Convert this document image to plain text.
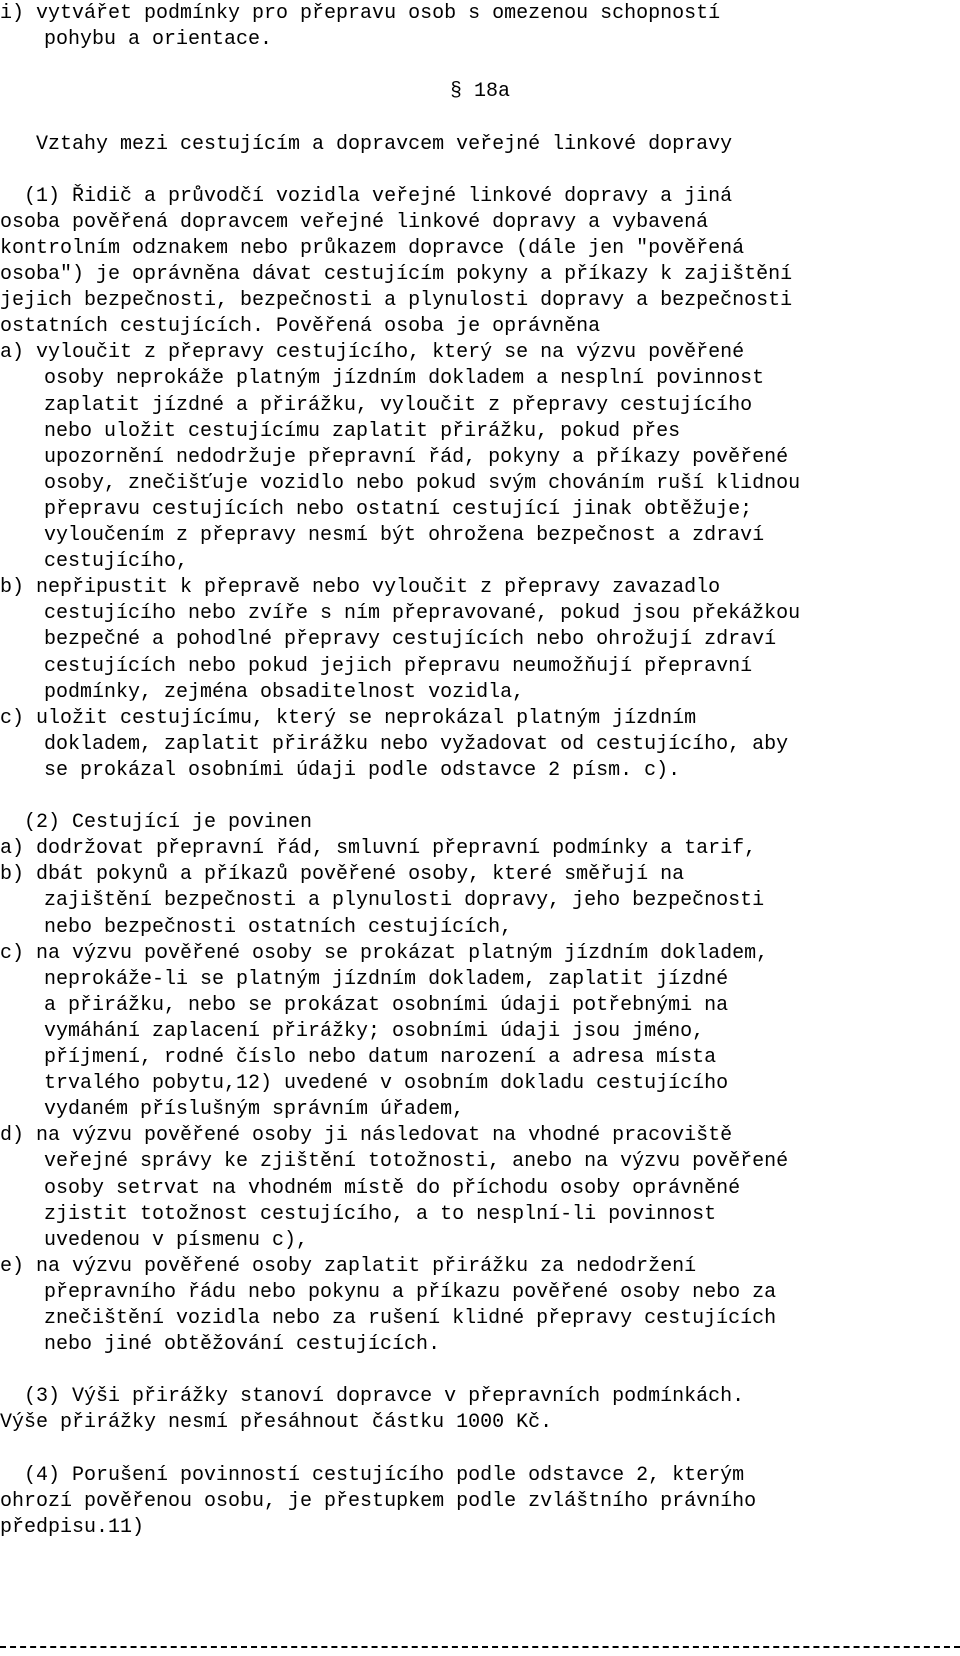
i) vytvářet podmínky pro přepravu osob s omezenou schopností
pohybu a orientace.
§ 18a
Vztahy mezi cestujícím a dopravcem veřejné linkové dopravy
(1) Řidič a průvodčí vozidla veřejné linkové dopravy a jiná
osoba pověřená dopravcem veřejné linkové dopravy a vybavená
kontrolním odznakem nebo průkazem dopravce (dále jen "pověřená
osoba") je oprávněna dávat cestujícím pokyny a příkazy k zajištění
jejich bezpečnosti, bezpečnosti a plynulosti dopravy a bezpečnosti
ostatních cestujících. Pověřená osoba je oprávněna
a) vyloučit z přepravy cestujícího, který se na výzvu pověřené
osoby neprokáže platným jízdním dokladem a nesplní povinnost
zaplatit jízdné a přirážku, vyloučit z přepravy cestujícího
nebo uložit cestujícímu zaplatit přirážku, pokud přes
upozornění nedodržuje přepravní řád, pokyny a příkazy pověřené
osoby, znečišťuje vozidlo nebo pokud svým chováním ruší klidnou
přepravu cestujících nebo ostatní cestující jinak obtěžuje;
vyloučením z přepravy nesmí být ohrožena bezpečnost a zdraví
cestujícího,
b) nepřipustit k přepravě nebo vyloučit z přepravy zavazadlo
cestujícího nebo zvíře s ním přepravované, pokud jsou překážkou
bezpečné a pohodlné přepravy cestujících nebo ohrožují zdraví
cestujících nebo pokud jejich přepravu neumožňují přepravní
podmínky, zejména obsaditelnost vozidla,
c) uložit cestujícímu, který se neprokázal platným jízdním
dokladem, zaplatit přirážku nebo vyžadovat od cestujícího, aby
se prokázal osobními údaji podle odstavce 2 písm. c).
(2) Cestující je povinen
a) dodržovat přepravní řád, smluvní přepravní podmínky a tarif,
b) dbát pokynů a příkazů pověřené osoby, které směřují na
zajištění bezpečnosti a plynulosti dopravy, jeho bezpečnosti
nebo bezpečnosti ostatních cestujících,
c) na výzvu pověřené osoby se prokázat platným jízdním dokladem,
neprokáže-li se platným jízdním dokladem, zaplatit jízdné
a přirážku, nebo se prokázat osobními údaji potřebnými na
vymáhání zaplacení přirážky; osobními údaji jsou jméno,
příjmení, rodné číslo nebo datum narození a adresa místa
trvalého pobytu,12) uvedené v osobním dokladu cestujícího
vydaném příslušným správním úřadem,
d) na výzvu pověřené osoby ji následovat na vhodné pracoviště
veřejné správy ke zjištění totožnosti, anebo na výzvu pověřené
osoby setrvat na vhodném místě do příchodu osoby oprávněné
zjistit totožnost cestujícího, a to nesplní-li povinnost
uvedenou v písmenu c),
e) na výzvu pověřené osoby zaplatit přirážku za nedodržení
přepravního řádu nebo pokynu a příkazu pověřené osoby nebo za
znečištění vozidla nebo za rušení klidné přepravy cestujících
nebo jiné obtěžování cestujících.
(3) Výši přirážky stanoví dopravce v přepravních podmínkách.
Výše přirážky nesmí přesáhnout částku 1000 Kč.
(4) Porušení povinností cestujícího podle odstavce 2, kterým
ohrozí pověřenou osobu, je přestupkem podle zvláštního právního
předpisu.11)
